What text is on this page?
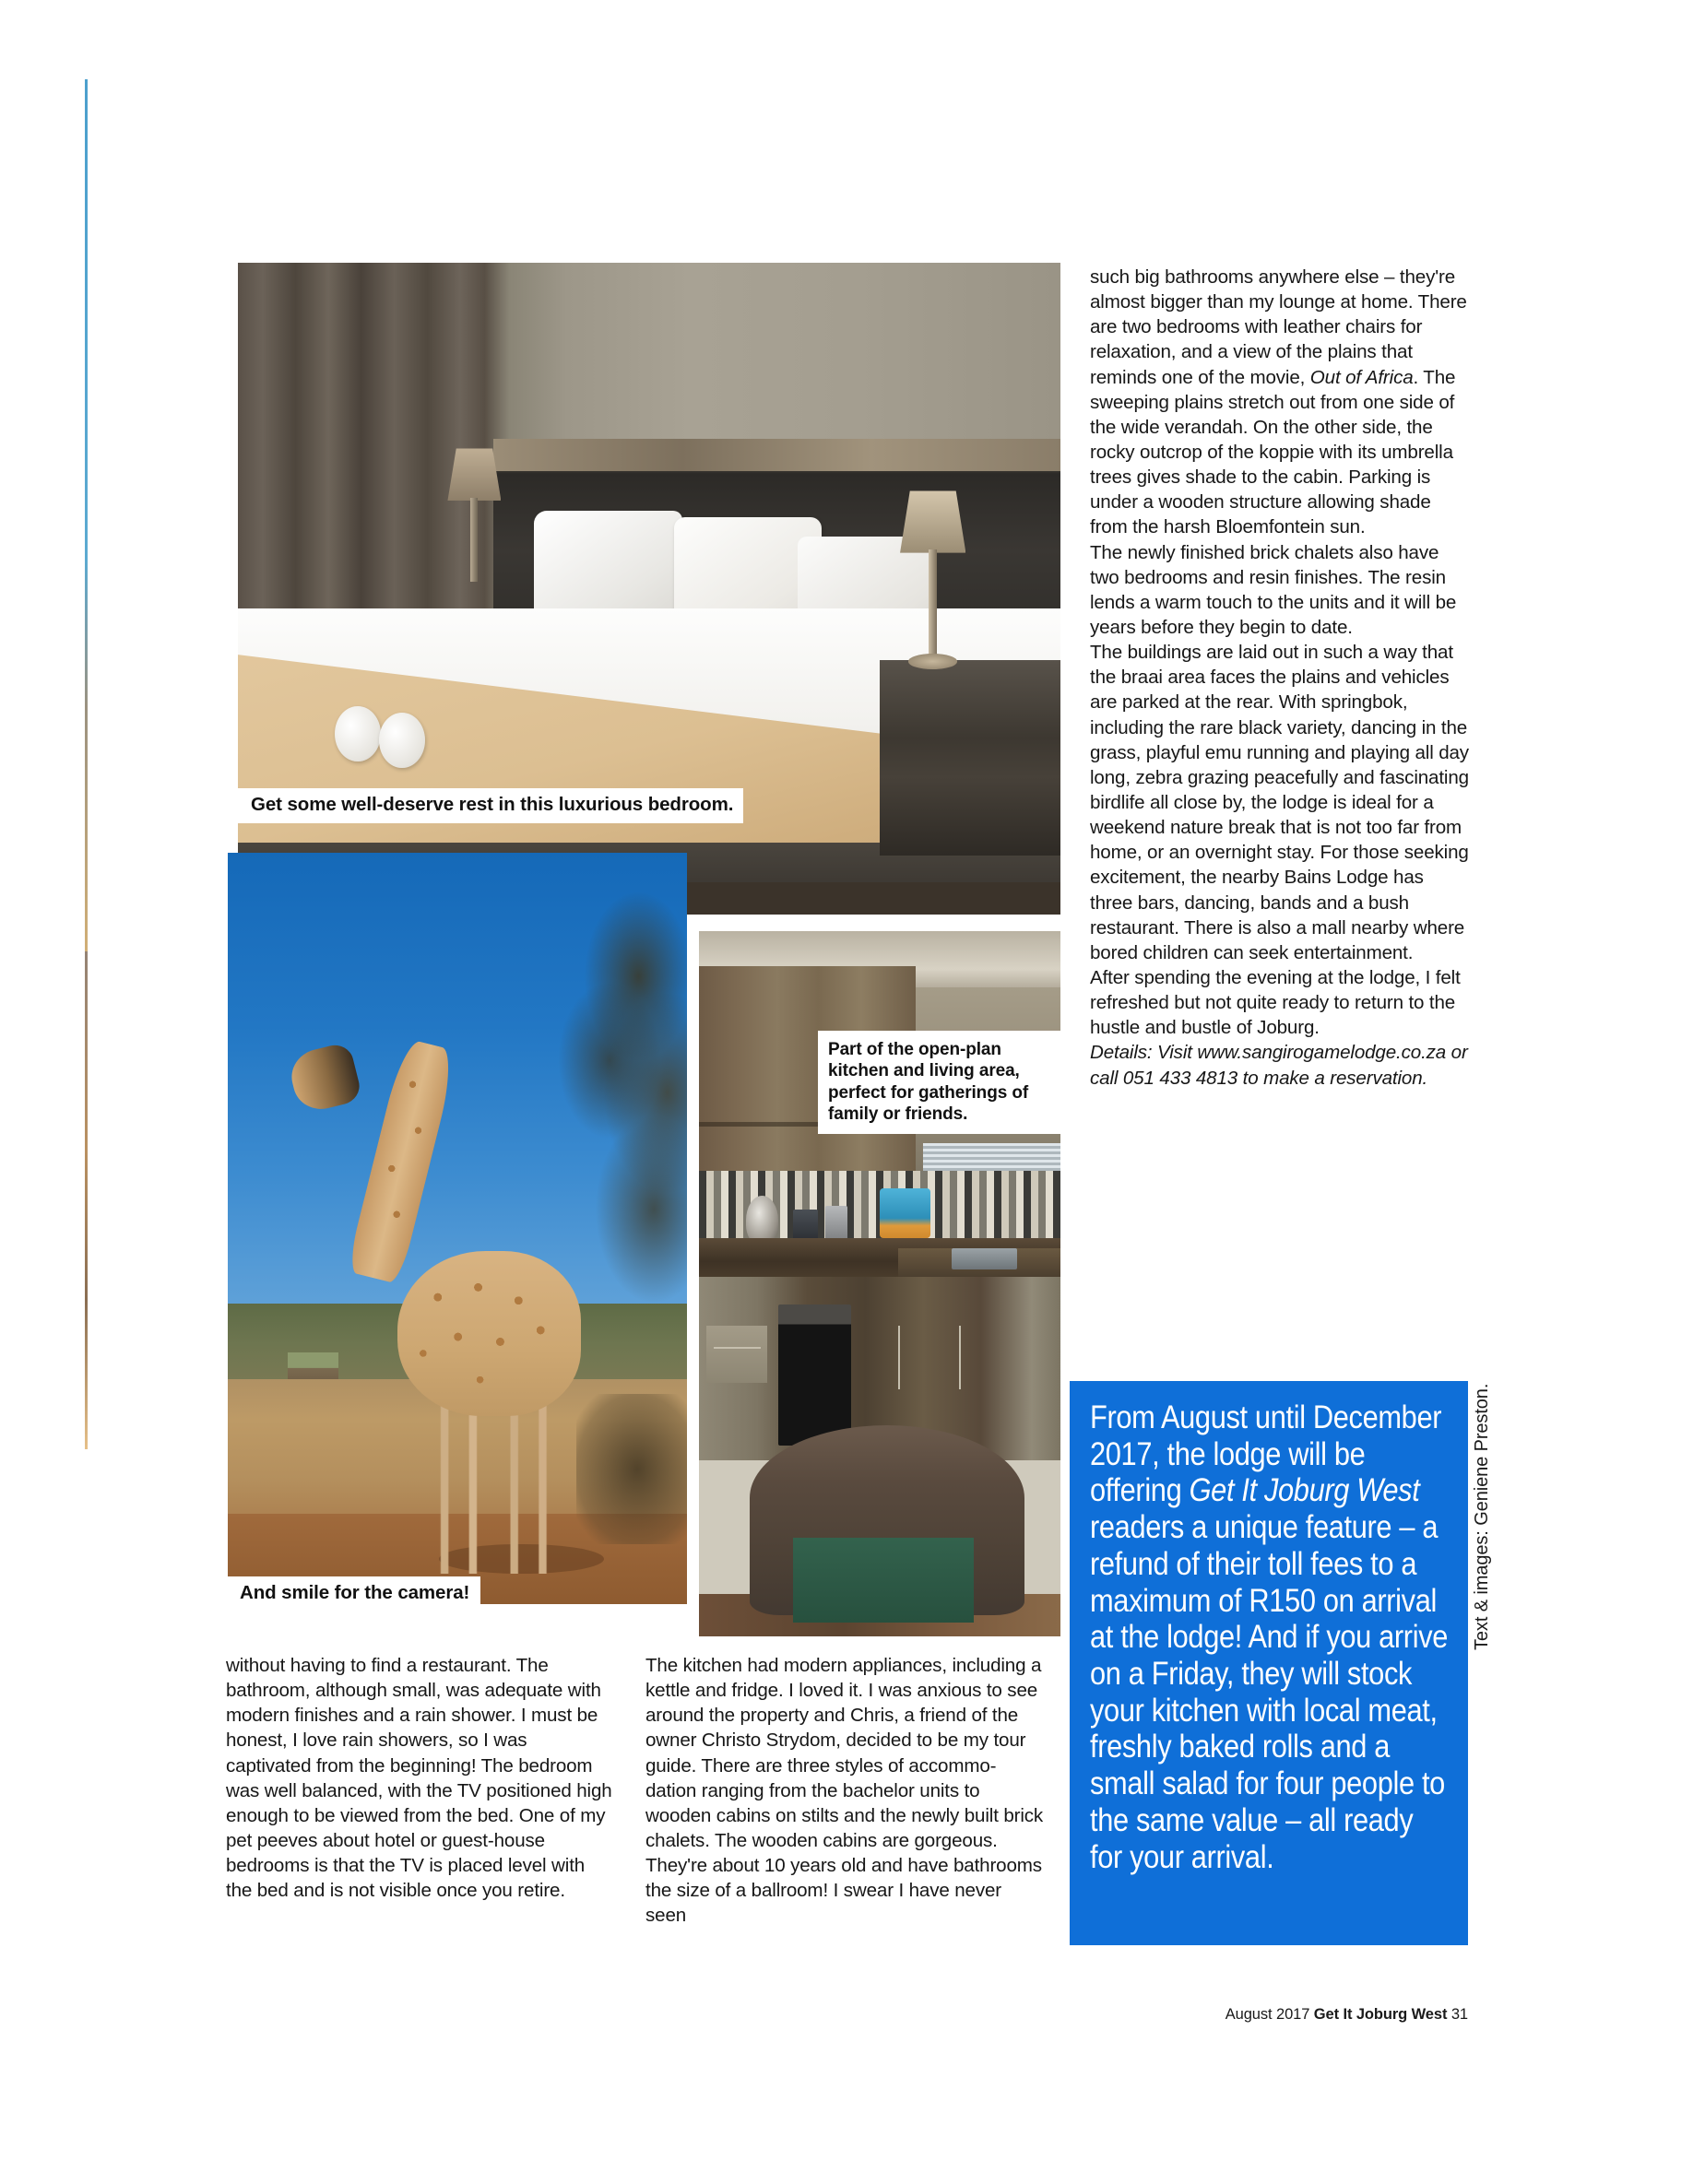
Get some well-deserve rest in this luxurious bedroom.
And smile for the camera!
Part of the open-plan kitchen and living area, perfect for gatherings of family or friends.

such big bathrooms anywhere else – they're almost bigger than my lounge at home. There are two bedrooms with leather chairs for relaxation, and a view of the plains that reminds one of the movie, Out of Africa. The sweeping plains stretch out from one side of the wide verandah. On the other side, the rocky outcrop of the koppie with its umbrella trees gives shade to the cabin. Parking is under a wooden structure allowing shade from the harsh Bloemfontein sun.

The newly finished brick chalets also have two bedrooms and resin finishes. The resin lends a warm touch to the units and it will be years before they begin to date.

The buildings are laid out in such a way that the braai area faces the plains and vehicles are parked at the rear. With springbok, including the rare black variety, dancing in the grass, playful emu running and playing all day long, zebra grazing peacefully and fascinating birdlife all close by, the lodge is ideal for a weekend nature break that is not too far from home, or an overnight stay. For those seeking excitement, the nearby Bains Lodge has three bars, dancing, bands and a bush restaurant. There is also a mall nearby where bored children can seek entertainment.

After spending the evening at the lodge, I felt refreshed but not quite ready to return to the hustle and bustle of Joburg.

Details: Visit www.sangirogamelodge.co.za or call 051 433 4813 to make a reservation.

without having to find a restaurant. The bathroom, although small, was adequate with modern finishes and a rain shower. I must be honest, I love rain showers, so I was captivated from the beginning! The bedroom was well balanced, with the TV positioned high enough to be viewed from the bed. One of my pet peeves about hotel or guest-house bedrooms is that the TV is placed level with the bed and is not visible once you retire.

The kitchen had modern appliances, including a kettle and fridge. I loved it. I was anxious to see around the property and Chris, a friend of the owner Christo Strydom, decided to be my tour guide. There are three styles of accommo-dation ranging from the bachelor units to wooden cabins on stilts and the newly built brick chalets. The wooden cabins are gorgeous. They're about 10 years old and have bathrooms the size of a ballroom! I swear I have never seen

From August until December 2017, the lodge will be offering Get It Joburg West readers a unique feature – a refund of their toll fees to a maximum of R150 on arrival at the lodge! And if you arrive on a Friday, they will stock your kitchen with local meat, freshly baked rolls and a small salad for four people to the same value – all ready for your arrival.
Text & images: Geniene Preston.
August 2017 Get It Joburg West 31
